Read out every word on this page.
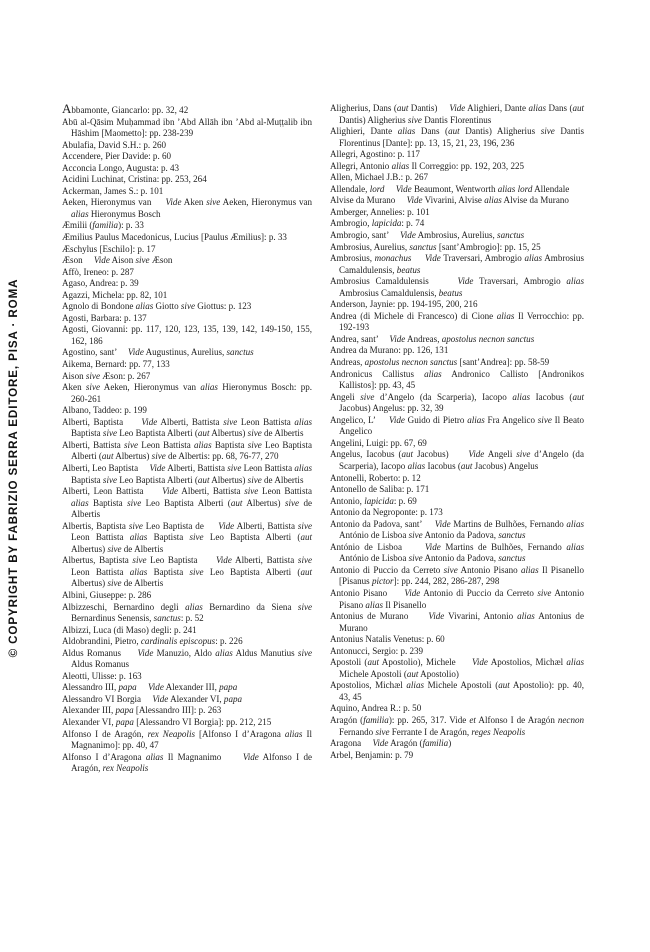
© COPYRIGHT BY FABRIZIO SERRA EDITORE, PISA · ROMA
Abbamonte, Giancarlo: pp. 32, 42
Abū al-Qāsim Muḥammad ibn ’Abd Allāh ibn ’Abd al-Muṭṭalib ibn Hāshim [Maometto]: pp. 238-239
Abulafia, David S.H.: p. 260
Accendere, Pier Davide: p. 60
Acconcia Longo, Augusta: p. 43
Acidini Luchinat, Cristina: pp. 253, 264
Ackerman, James S.: p. 101
Aeken, Hieronymus van     Vide Aken sive Aeken, Hieronymus van alias Hieronymus Bosch
Æmilii (familia): p. 33
Æmilius Paulus Macedonicus, Lucius [Paulus Æmilius]: p. 33
Æschylus [Eschilo]: p. 17
Æson     Vide Aison sive Æson
Affò, Ireneo: p. 287
Agaso, Andrea: p. 39
Agazzi, Michela: pp. 82, 101
Agnolo di Bondone alias Giotto sive Giottus: p. 123
Agosti, Barbara: p. 137
Agosti, Giovanni: pp. 117, 120, 123, 135, 139, 142, 149-150, 155, 162, 186
Agostino, sant’     Vide Augustinus, Aurelius, sanctus
Aikema, Bernard: pp. 77, 133
Aison sive Æson: p. 267
Aken sive Aeken, Hieronymus van alias Hieronymus Bosch: pp. 260-261
Albano, Taddeo: p. 199
Alberti, Baptista     Vide Alberti, Battista sive Leon Battista alias Baptista sive Leo Baptista Alberti (aut Albertus) sive de Albertis
Alberti, Battista sive Leon Battista alias Baptista sive Leo Baptista Alberti (aut Albertus) sive de Albertis: pp. 68, 76-77, 270
Alberti, Leo Baptista     Vide Alberti, Battista sive Leon Battista alias Baptista sive Leo Baptista Alberti (aut Albertus) sive de Albertis
Alberti, Leon Battista     Vide Alberti, Battista sive Leon Battista alias Baptista sive Leo Baptista Alberti (aut Albertus) sive de Albertis
Albertis, Baptista sive Leo Baptista de     Vide Alberti, Battista sive Leon Battista alias Baptista sive Leo Baptista Alberti (aut Albertus) sive de Albertis
Albertus, Baptista sive Leo Baptista     Vide Alberti, Battista sive Leon Battista alias Baptista sive Leo Baptista Alberti (aut Albertus) sive de Albertis
Albini, Giuseppe: p. 286
Albizzeschi, Bernardino degli alias Bernardino da Siena sive Bernardinus Senensis, sanctus: p. 52
Albizzi, Luca (di Maso) degli: p. 241
Aldobrandini, Pietro, cardinalis episcopus: p. 226
Aldus Romanus     Vide Manuzio, Aldo alias Aldus Manutius sive Aldus Romanus
Aleotti, Ulisse: p. 163
Alessandro III, papa Vide Alexander III, papa
Alessandro VI Borgia     Vide Alexander VI, papa
Alexander III, papa [Alessandro III]: p. 263
Alexander VI, papa [Alessandro VI Borgia]: pp. 212, 215
Alfonso I de Aragón, rex Neapolis [Alfonso I d’Aragona alias Il Magnanimo]: pp. 40, 47
Alfonso I d’Aragona alias Il Magnanimo     Vide Alfonso I de Aragón, rex Neapolis
Aligherius, Dans (aut Dantis)     Vide Alighieri, Dante alias Dans (aut Dantis) Aligherius sive Dantis Florentinus
Alighieri, Dante alias Dans (aut Dantis) Aligherius sive Dantis Florentinus [Dante]: pp. 13, 15, 21, 23, 196, 236
Allegri, Agostino: p. 117
Allegri, Antonio alias Il Correggio: pp. 192, 203, 225
Allen, Michael J.B.: p. 267
Allendale, lord Vide Beaumont, Wentworth alias lord Allendale
Alvise da Murano     Vide Vivarini, Alvise alias Alvise da Murano
Amberger, Annelies: p. 101
Ambrogio, lapicida: p. 74
Ambrogio, sant’     Vide Ambrosius, Aurelius, sanctus
Ambrosius, Aurelius, sanctus [sant’Ambrogio]: pp. 15, 25
Ambrosius, monachus Vide Traversari, Ambrogio alias Ambrosius Camaldulensis, beatus
Ambrosius Camaldulensis     Vide Traversari, Ambrogio alias Ambrosius Camaldulensis, beatus
Anderson, Jaynie: pp. 194-195, 200, 216
Andrea (di Michele di Francesco) di Cione alias Il Verrocchio: pp. 192-193
Andrea, sant’     Vide Andreas, apostolus necnon sanctus
Andrea da Murano: pp. 126, 131
Andreas, apostolus necnon sanctus [sant’Andrea]: pp. 58-59
Andronicus Callistus alias Andronico Callisto [Andronikos Kallistos]: pp. 43, 45
Angeli sive d’Angelo (da Scarperia), Iacopo alias Iacobus (aut Jacobus) Angelus: pp. 32, 39
Angelico, L’     Vide Guido di Pietro alias Fra Angelico sive Il Beato Angelico
Angelini, Luigi: pp. 67, 69
Angelus, Iacobus (aut Jacobus)     Vide Angeli sive d’Angelo (da Scarperia), Iacopo alias Iacobus (aut Jacobus) Angelus
Antonelli, Roberto: p. 12
Antonello de Saliba: p. 171
Antonio, lapicida: p. 69
Antonio da Negroponte: p. 173
Antonio da Padova, sant’     Vide Martins de Bulhões, Fernando alias António de Lisboa sive Antonio da Padova, sanctus
António de Lisboa     Vide Martins de Bulhões, Fernando alias António de Lisboa sive Antonio da Padova, sanctus
Antonio di Puccio da Cerreto sive Antonio Pisano alias Il Pisanello [Pisanus pictor]: pp. 244, 282, 286-287, 298
Antonio Pisano     Vide Antonio di Puccio da Cerreto sive Antonio Pisano alias Il Pisanello
Antonius de Murano     Vide Vivarini, Antonio alias Antonius de Murano
Antonius Natalis Venetus: p. 60
Antonucci, Sergio: p. 239
Apostoli (aut Apostolio), Michele     Vide Apostolios, Michæl alias Michele Apostoli (aut Apostolio)
Apostolios, Michæl alias Michele Apostoli (aut Apostolio): pp. 40, 43, 45
Aquino, Andrea R.: p. 50
Aragón (familia): pp. 265, 317. Vide et Alfonso I de Aragón necnon Fernando sive Ferrante I de Aragón, reges Neapolis
Aragona     Vide Aragón (familia)
Arbel, Benjamin: p. 79
